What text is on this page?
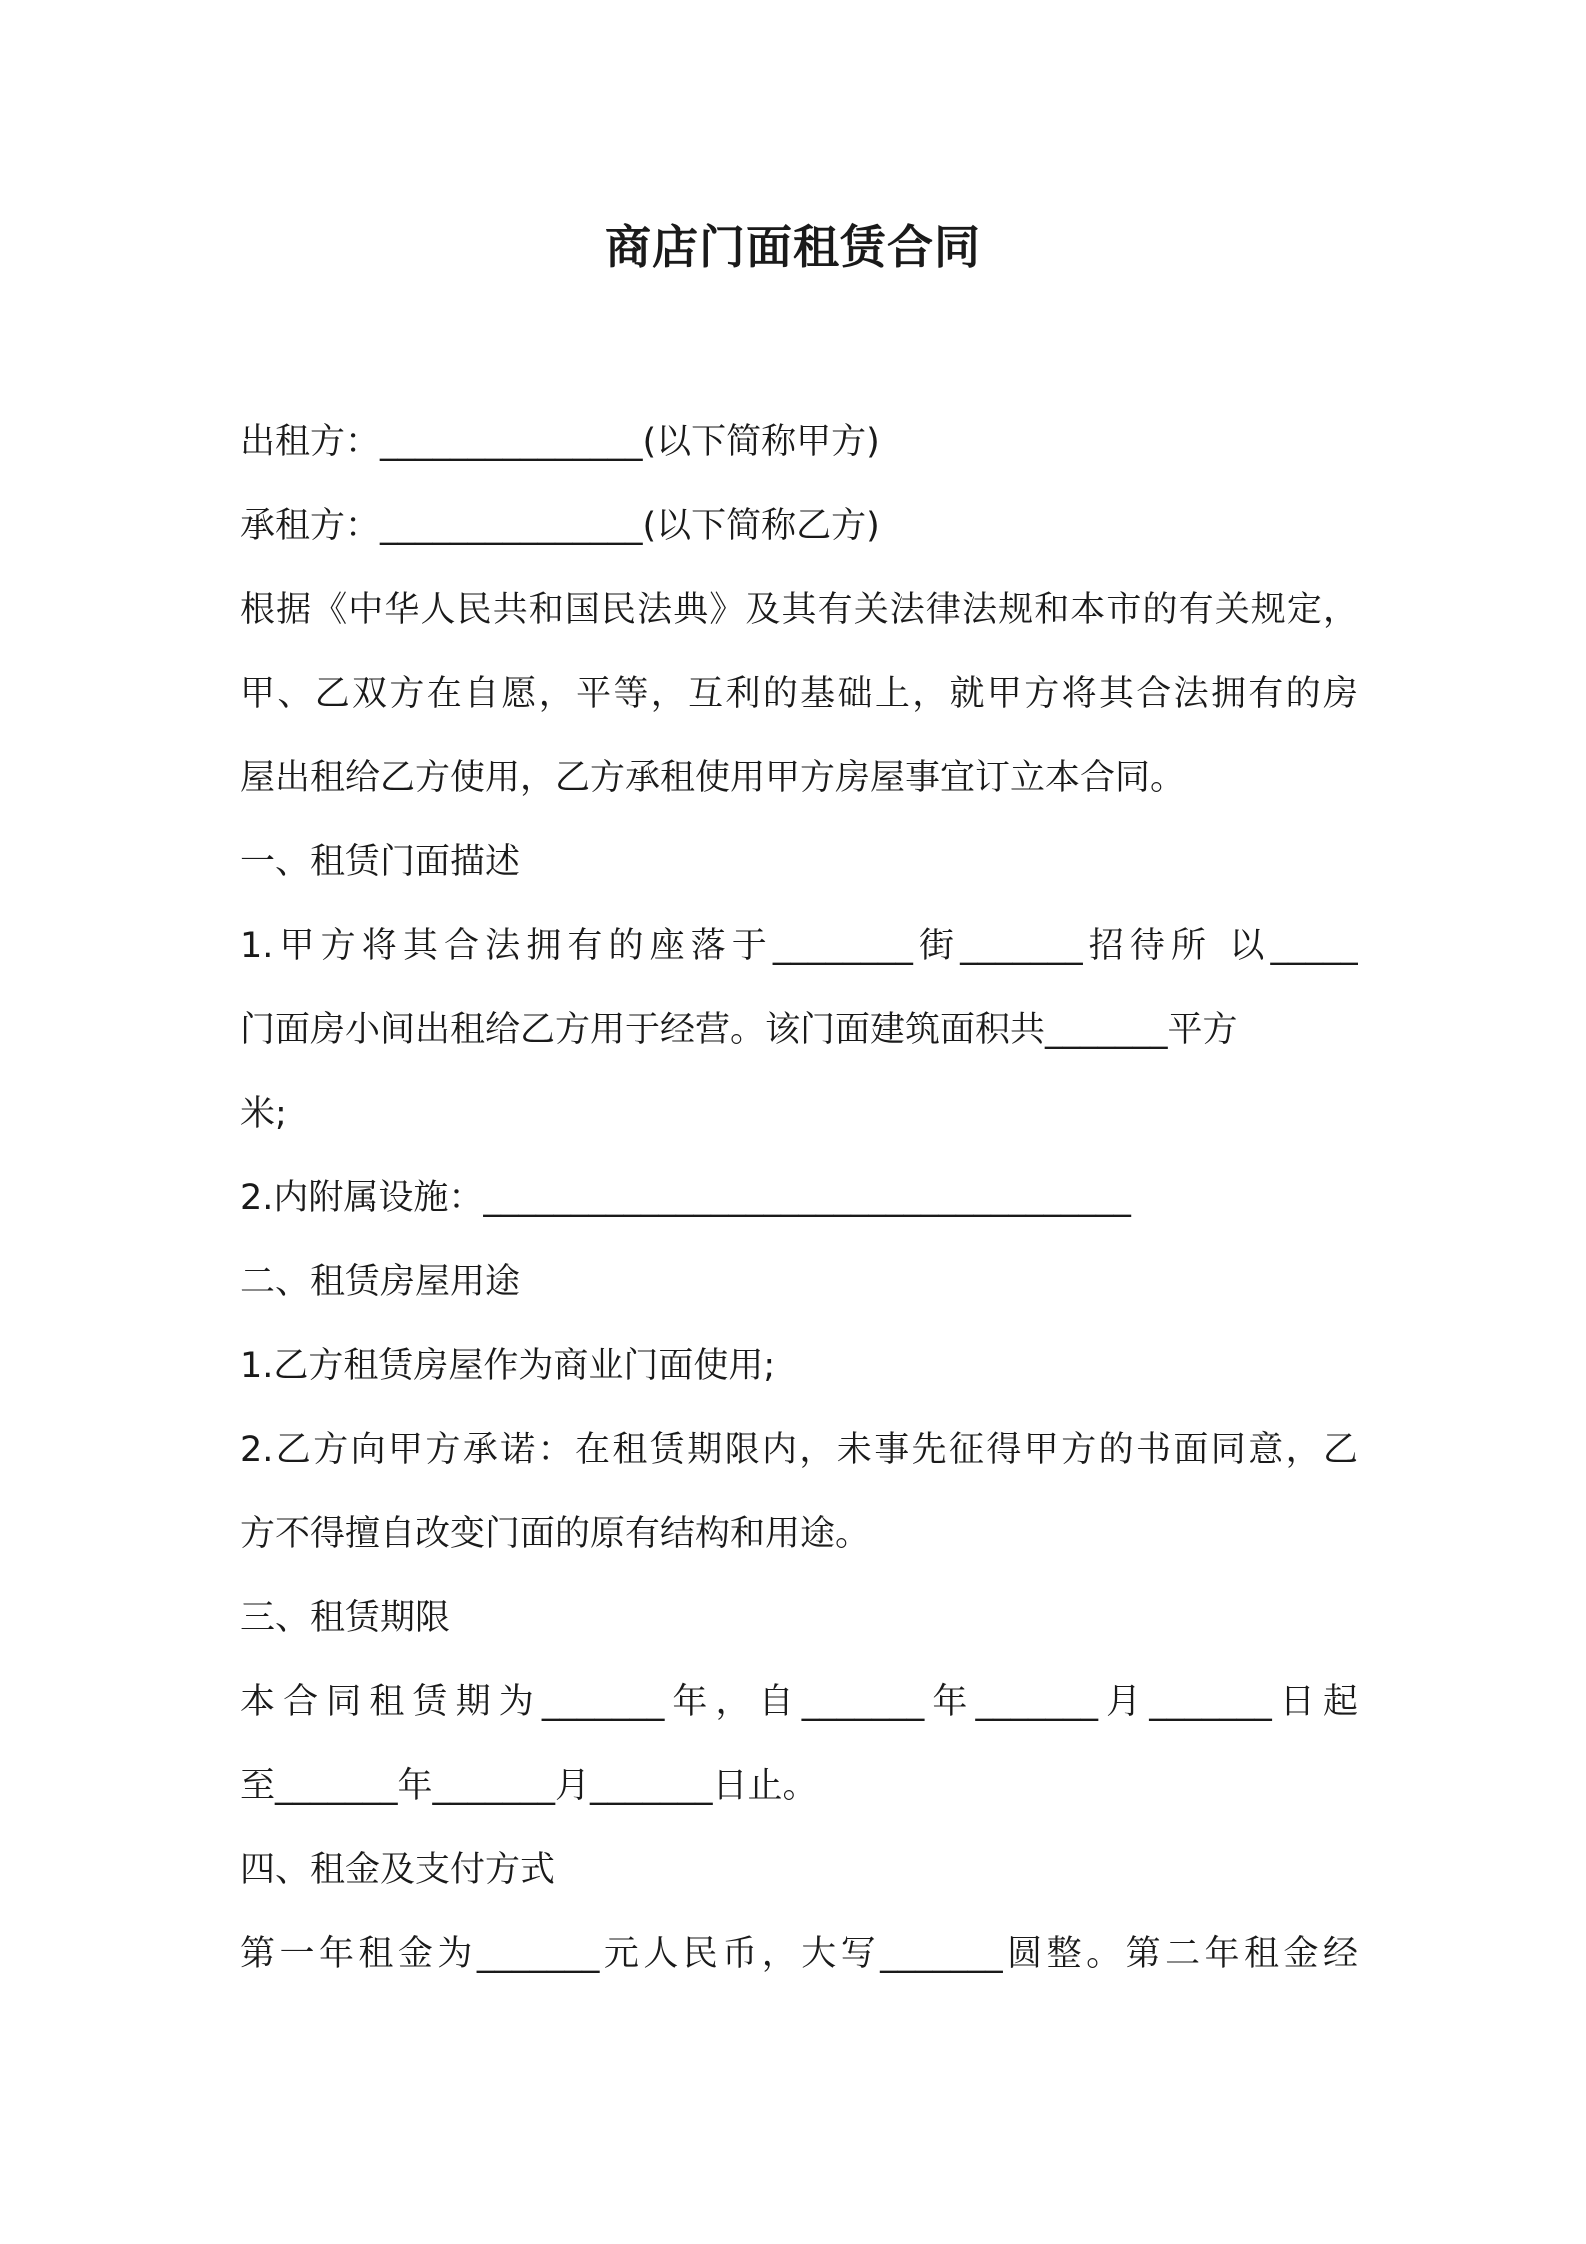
商店门面租赁合同
出租方：_______________(以下简称甲方)
承租方：_______________(以下简称乙方)
根据《中华人民共和国民法典》及其有关法律法规和本市的有关规定，
甲、乙双方在自愿，平等，互利的基础上，就甲方将其合法拥有的房
屋出租给乙方使用，乙方承租使用甲方房屋事宜订立本合同。
一、租赁门面描述
1.甲方将其合法拥有的座落于________街_______招待所 以_____
门面房小间出租给乙方用于经营。该门面建筑面积共_______平方
米;
2.内附属设施：_____________________________________
二、租赁房屋用途
1.乙方租赁房屋作为商业门面使用;
2.乙方向甲方承诺：在租赁期限内，未事先征得甲方的书面同意，乙
方不得擅自改变门面的原有结构和用途。
三、租赁期限
本合同租赁期为_______年，自_______年_______月_______日起
至_______年_______月_______日止。
四、租金及支付方式
第一年租金为_______元人民币，大写_______圆整。第二年租金经
